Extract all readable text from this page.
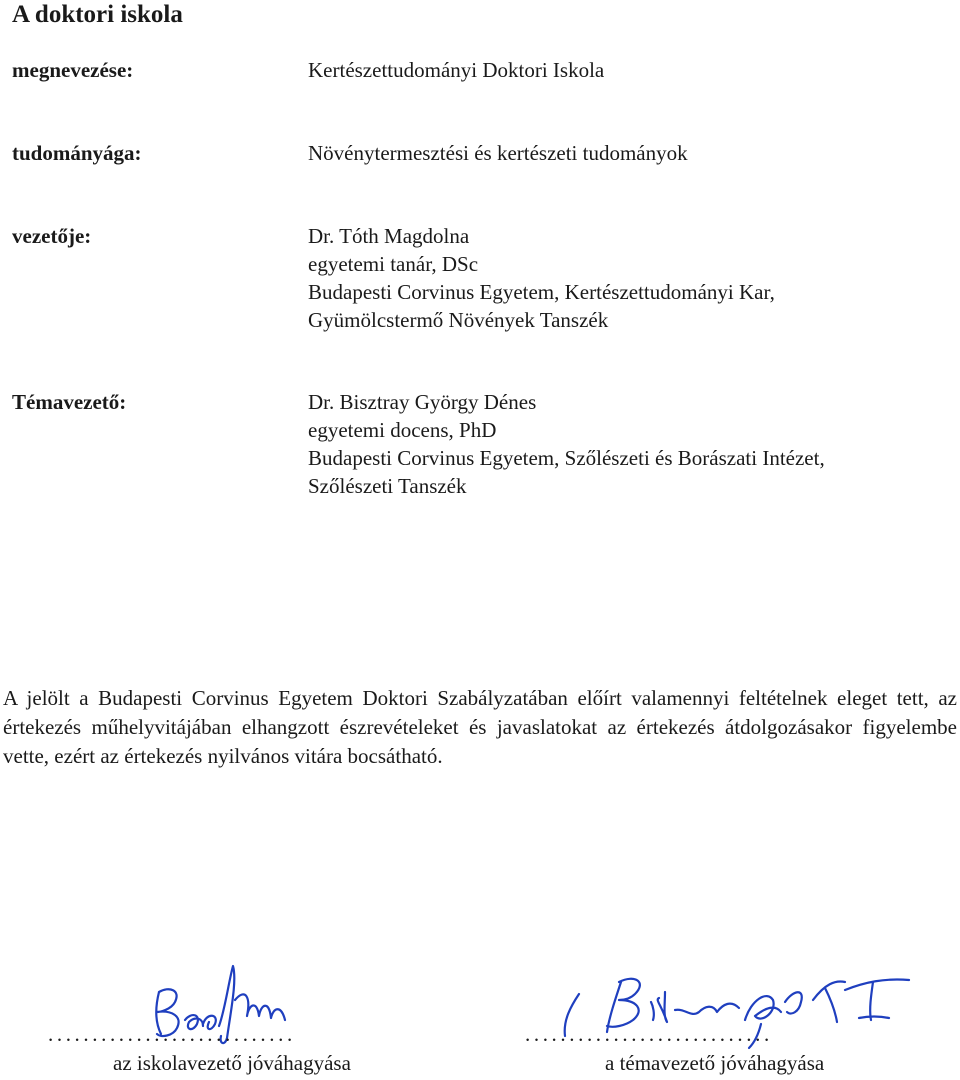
A doktori iskola
megnevezése:	Kertészettudományi Doktori Iskola
tudományága:	Növénytermesztési és kertészeti tudományok
vezetője:	Dr. Tóth Magdolna
egyetemi tanár, DSc
Budapesti Corvinus Egyetem, Kertészettudományi Kar,
Gyümölcstermő Növények Tanszék
Témavezető:	Dr. Bisztray György Dénes
egyetemi docens, PhD
Budapesti Corvinus Egyetem, Szőlészeti és Borászati Intézet,
Szőlészeti Tanszék

A jelölt a Budapesti Corvinus Egyetem Doktori Szabályzatában előírt valamennyi feltételnek eleget tett, az értekezés műhelyvitájában elhangzott észrevételeket és javaslatokat az értekezés átdolgozásakor figyelembe vette, ezért az értekezés nyilvános vitára bocsátható.

............................
az iskolavezető jóváhagyása
............................
a témavezető jóváhagyása
